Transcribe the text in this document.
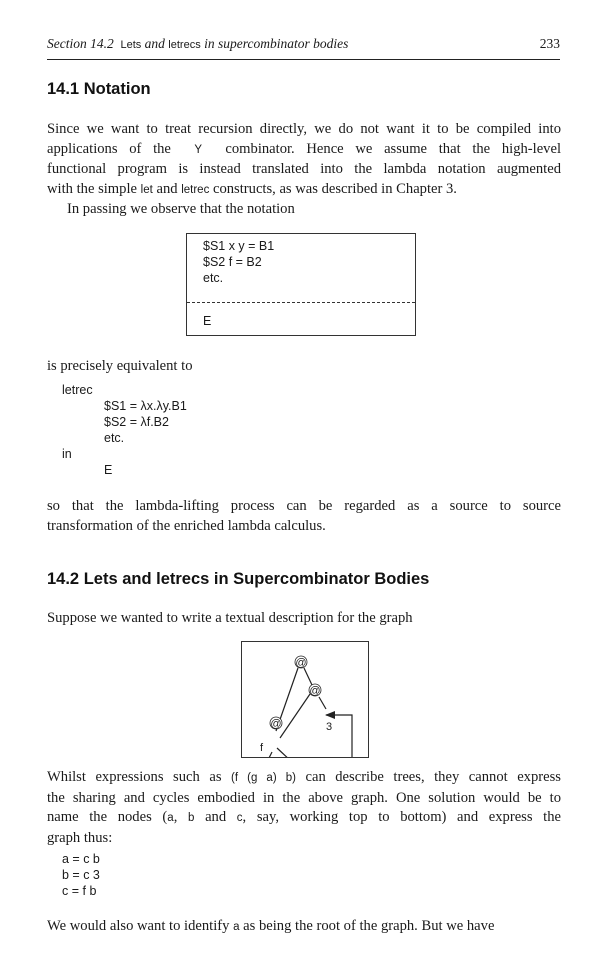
Section 14.2 Lets and letrecs in supercombinator bodies	233
14.1 Notation
Since we want to treat recursion directly, we do not want it to be compiled into
applications of the Y combinator. Hence we assume that the high-level
functional program is instead translated into the lambda notation augmented
with the simple let and letrec constructs, as was described in Chapter 3.
In passing we observe that the notation
$S1 x y = B1
$S2 f = B2
etc.
E
is precisely equivalent to
letrec
$S1 = λx.λy.B1
$S2 = λf.B2
etc.
in
E
so that the lambda-lifting process can be regarded as a source to source
transformation of the enriched lambda calculus.
14.2 Lets and letrecs in Supercombinator Bodies
Suppose we wanted to write a textual description for the graph
@
@
@	3
f
Whilst expressions such as (f (g a) b) can describe trees, they cannot express
the sharing and cycles embodied in the above graph. One solution would be to
name the nodes (a, b and c, say, working top to bottom) and express the
graph thus:
a = c b
b = c 3
c = f b
We would also want to identify a as being the root of the graph. But we have
